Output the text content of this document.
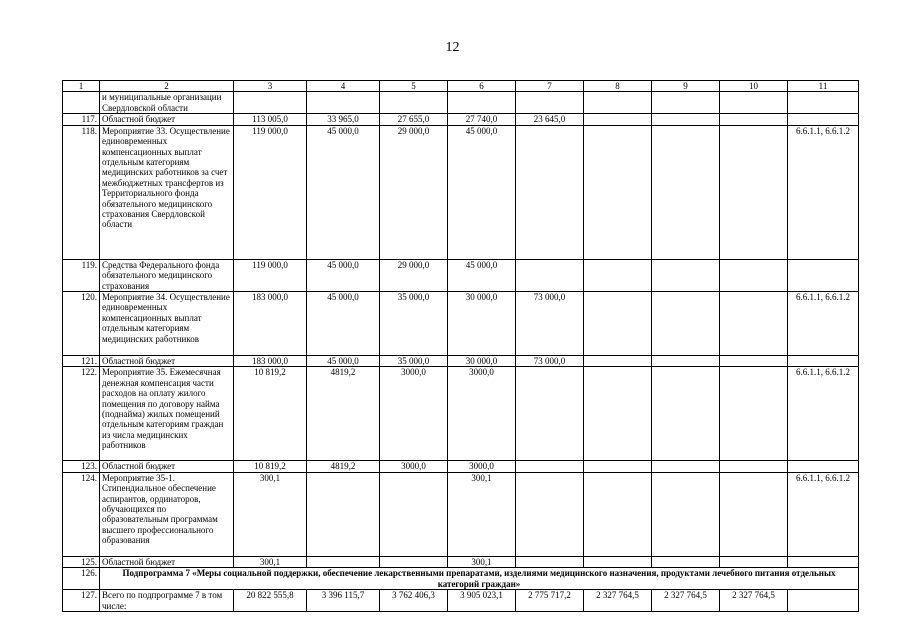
12
1	2	3	4	5	6	7	8	9	10	11
	и муниципальные организации Свердловской области									
117.	Областной бюджет	113 005,0	33 965,0	27 655,0	27 740,0	23 645,0				
118.	Мероприятие 33. Осуществление единовременных компенсационных выплат отдельным категориям медицинских работников за счет межбюджетных трансфертов из Территориального фонда обязательного медицинского страхования Свердловской области	119 000,0	45 000,0	29 000,0	45 000,0					6.6.1.1, 6.6.1.2
119.	Средства Федерального фонда обязательного медицинского страхования	119 000,0	45 000,0	29 000,0	45 000,0					
120.	Мероприятие 34. Осуществление единовременных компенсационных выплат отдельным категориям медицинских работников	183 000,0	45 000,0	35 000,0	30 000,0	73 000,0				6.6.1.1, 6.6.1.2
121.	Областной бюджет	183 000,0	45 000,0	35 000,0	30 000,0	73 000,0				
122.	Мероприятие 35. Ежемесячная денежная компенсация части расходов на оплату жилого помещения по договору найма (поднайма) жилых помещений отдельным категориям граждан из числа медицинских работников	10 819,2	4819,2	3000,0	3000,0					6.6.1.1, 6.6.1.2
123.	Областной бюджет	10 819,2	4819,2	3000,0	3000,0					
124.	Мероприятие 35-1. Стипендиальное обеспечение аспирантов, ординаторов, обучающихся по образовательным программам высшего профессионального образования	300,1			300,1					6.6.1.1, 6.6.1.2
125.	Областной бюджет	300,1			300,1					
126.	Подпрограмма 7 «Меры социальной поддержки, обеспечение лекарственными препаратами, изделиями медицинского назначения, продуктами лечебного питания отдельных категорий граждан»									
127.	Всего по подпрограмме 7 в том числе:	20 822 555,8	3 396 115,7	3 762 406,3	3 905 023,1	2 775 717,2	2 327 764,5	2 327 764,5	2 327 764,5	
